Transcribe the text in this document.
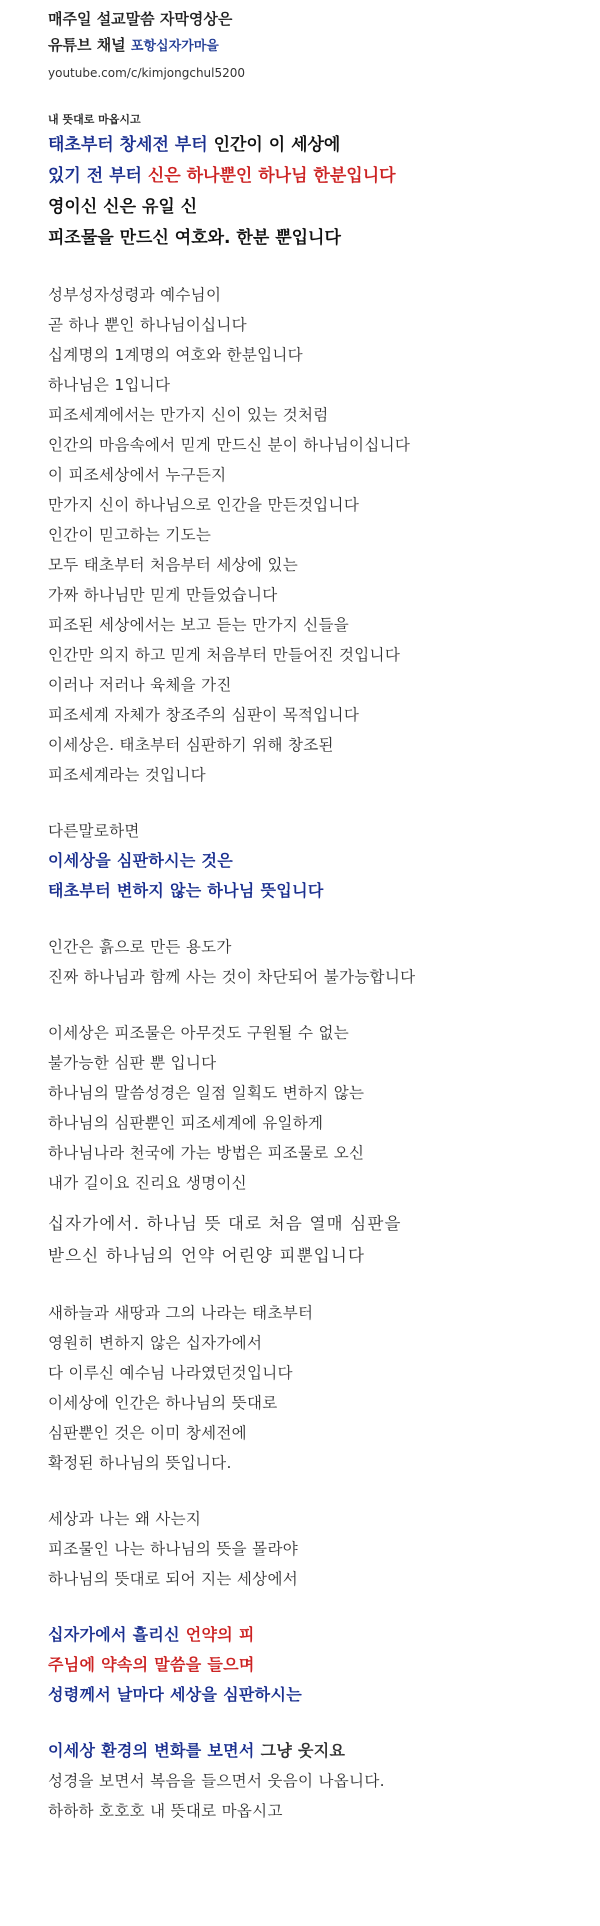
매주일 설교말씀 자막영상은
유튜브 채널 포항십자가마을
youtube.com/c/kimjongchul5200
내 뜻대로 마옵시고
태초부터 창세전 부터 인간이 이 세상에
있기 전 부터 신은 하나뿐인 하나님 한분입니다
영이신 신은 유일 신
피조물을 만드신 여호와. 한분 뿐입니다
성부성자성령과 예수님이
곧 하나 뿐인 하나님이십니다
십계명의 1계명의 여호와 한분입니다
하나님은 1입니다
피조세계에서는 만가지 신이 있는 것처럼
인간의 마음속에서 믿게 만드신 분이 하나님이십니다
이 피조세상에서 누구든지
만가지 신이 하나님으로 인간을 만든것입니다
인간이 믿고하는 기도는
모두 태초부터 처음부터 세상에 있는
가짜 하나님만 믿게 만들었습니다
피조된 세상에서는 보고 듣는 만가지 신들을
인간만 의지 하고 믿게 처음부터 만들어진 것입니다
이러나 저러나 육체을 가진
피조세계 자체가 창조주의 심판이 목적입니다
이세상은. 태초부터 심판하기 위해 창조된
피조세계라는 것입니다
다른말로하면
이세상을 심판하시는 것은
태초부터 변하지 않는 하나님 뜻입니다
인간은 흙으로 만든 용도가
진짜 하나님과 함께 사는 것이 차단되어 불가능합니다
이세상은 피조물은 아무것도 구원될 수 없는
불가능한 심판 뿐 입니다
하나님의 말씀성경은 일점 일획도 변하지 않는
하나님의 심판뿐인 피조세계에 유일하게
하나님나라 천국에 가는 방법은 피조물로 오신
내가 길이요 진리요 생명이신
십자가에서. 하나님 뜻 대로 처음 열매 심판을
받으신 하나님의 언약 어린양 피뿐입니다
새하늘과 새땅과 그의 나라는 태초부터
영원히 변하지 않은 십자가에서
다 이루신 예수님 나라였던것입니다
이세상에 인간은 하나님의 뜻대로
심판뿐인 것은 이미 창세전에
확정된 하나님의 뜻입니다.
세상과 나는 왜 사는지
피조물인 나는 하나님의 뜻을 몰라야
하나님의 뜻대로 되어 지는 세상에서
십자가에서 흘리신 언약의 피
주님에 약속의 말씀을 들으며
성령께서 날마다 세상을 심판하시는
이세상 환경의 변화를 보면서 그냥 웃지요
성경을 보면서 복음을 들으면서 웃음이 나옵니다.
하하하 호호호 내 뜻대로 마옵시고
